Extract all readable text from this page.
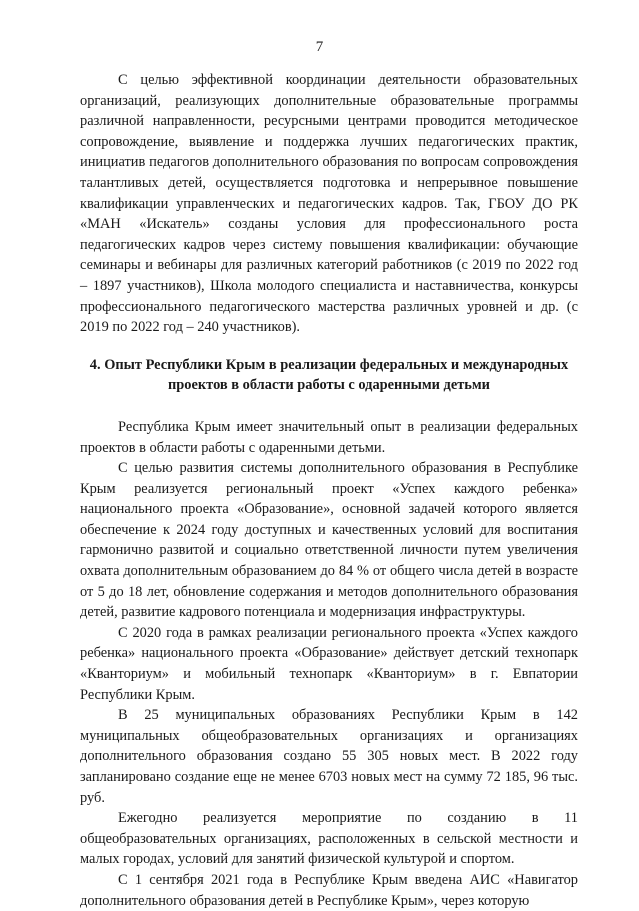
7

С целью эффективной координации деятельности образовательных организаций, реализующих дополнительные образовательные программы различной направленности, ресурсными центрами проводится методическое сопровождение, выявление и поддержка лучших педагогических практик, инициатив педагогов дополнительного образования по вопросам сопровождения талантливых детей, осуществляется подготовка и непрерывное повышение квалификации управленческих и педагогических кадров. Так, ГБОУ ДО РК «МАН «Искатель» созданы условия для профессионального роста педагогических кадров через систему повышения квалификации: обучающие семинары и вебинары для различных категорий работников (с 2019 по 2022 год – 1897 участников), Школа молодого специалиста и наставничества, конкурсы профессионального педагогического мастерства различных уровней и др. (с 2019 по 2022 год – 240 участников).

4. Опыт Республики Крым в реализации федеральных и международных проектов в области работы с одаренными детьми

Республика Крым имеет значительный опыт в реализации федеральных проектов в области работы с одаренными детьми.

С целью развития системы дополнительного образования в Республике Крым реализуется региональный проект «Успех каждого ребенка» национального проекта «Образование», основной задачей которого является обеспечение к 2024 году доступных и качественных условий для воспитания гармонично развитой и социально ответственной личности путем увеличения охвата дополнительным образованием до 84 % от общего числа детей в возрасте от 5 до 18 лет, обновление содержания и методов дополнительного образования детей, развитие кадрового потенциала и модернизация инфраструктуры.

С 2020 года в рамках реализации регионального проекта «Успех каждого ребенка» национального проекта «Образование» действует детский технопарк «Кванториум» и мобильный технопарк «Кванториум» в г. Евпатории Республики Крым.

В 25 муниципальных образованиях Республики Крым в 142 муниципальных общеобразовательных организациях и организациях дополнительного образования создано 55 305 новых мест. В 2022 году запланировано создание еще не менее 6703 новых мест на сумму 72 185, 96 тыс. руб.

Ежегодно реализуется мероприятие по созданию в 11 общеобразовательных организациях, расположенных в сельской местности и малых городах, условий для занятий физической культурой и спортом.

С 1 сентября 2021 года в Республике Крым введена АИС «Навигатор дополнительного образования детей в Республике Крым», через которую
